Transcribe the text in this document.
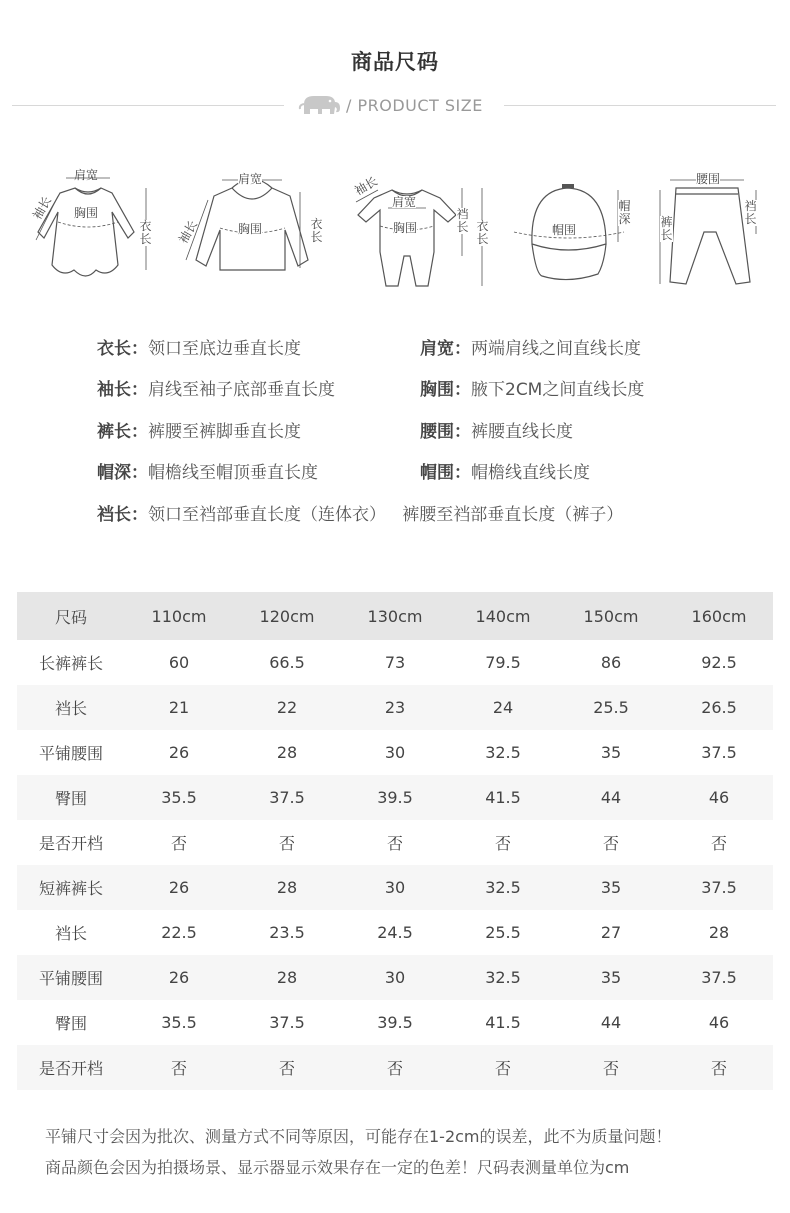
商品尺码
/ PRODUCT SIZE
肩宽
袖长 胸围
衣长
肩宽
袖长	胸围	衣长
袖长
肩宽
胸围
裆长 衣长
帽围
帽深
腰围
裤长
裆长
衣长：领口至底边垂直长度	肩宽：两端肩线之间直线长度
袖长：肩线至袖子底部垂直长度	胸围：腋下2CM之间直线长度
裤长：裤腰至裤脚垂直长度	腰围：裤腰直线长度
帽深：帽檐线至帽顶垂直长度	帽围：帽檐线直线长度
裆长：领口至裆部垂直长度（连体衣）   裤腰至裆部垂直长度（裤子）
尺码	110cm	120cm	130cm	140cm	150cm	160cm
长裤裤长	60	66.5	73	79.5	86	92.5
裆长	21	22	23	24	25.5	26.5
平铺腰围	26	28	30	32.5	35	37.5
臀围	35.5	37.5	39.5	41.5	44	46
是否开档	否	否	否	否	否	否
短裤裤长	26	28	30	32.5	35	37.5
裆长	22.5	23.5	24.5	25.5	27	28
平铺腰围	26	28	30	32.5	35	37.5
臀围	35.5	37.5	39.5	41.5	44	46
是否开档	否	否	否	否	否	否
平铺尺寸会因为批次、测量方式不同等原因，可能存在1-2cm的误差，此不为质量问题！
商品颜色会因为拍摄场景、显示器显示效果存在一定的色差！尺码表测量单位为cm
